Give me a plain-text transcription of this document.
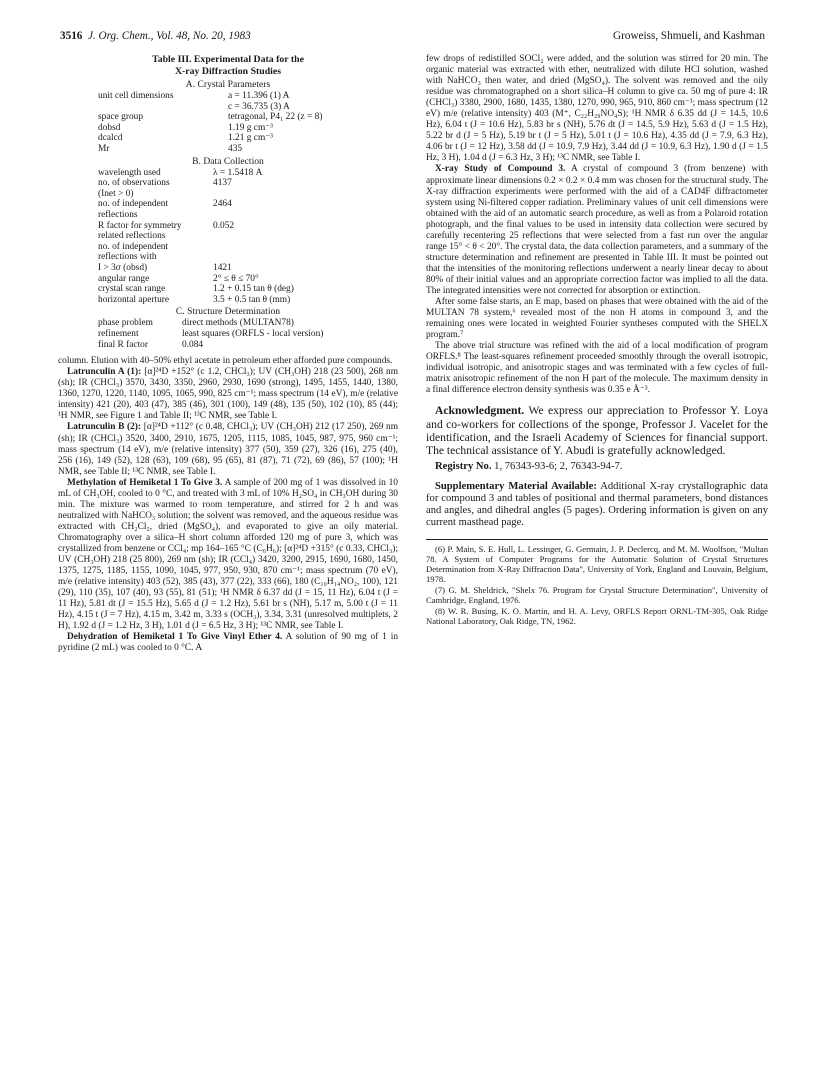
3516 J. Org. Chem., Vol. 48, No. 20, 1983	Groweiss, Shmueli, and Kashman
Table III. Experimental Data for the
X-ray Diffraction Studies
A. Crystal Parameters
unit cell dimensions	a = 11.396 (1) A
	c = 36.735 (3) A
space group	tetragonal, P4₁ 22 (z = 8)
dobsd	1.19 g cm⁻³
dcalcd	1.21 g cm⁻³
Mr	435
B. Data Collection
wavelength used	λ = 1.5418 A
no. of observations	4137
(Inet > 0)	
no. of independent	2464
reflections	
R factor for symmetry	0.052
related reflections	
no. of independent	
reflections with	
I > 3σ (obsd)	1421
angular range	2° ≤ θ ≤ 70°
crystal scan range	1.2 + 0.15 tan θ (deg)
horizontal aperture	3.5 + 0.5 tan θ (mm)
C. Structure Determination
phase problem	direct methods (MULTAN78)
refinement	least squares (ORFLS - local version)
final R factor	0.084

column. Elution with 40–50% ethyl acetate in petroleum ether afforded pure compounds.

Latrunculin A (1): [α]²⁴D +152° (c 1.2, CHCl₃); UV (CH₃OH) 218 (23 500), 268 nm (sh); IR (CHCl₃) 3570, 3430, 3350, 2960, 2930, 1690 (strong), 1495, 1455, 1440, 1380, 1360, 1270, 1220, 1140, 1095, 1065, 990, 825 cm⁻¹; mass spectrum (14 eV), m/e (relative intensity) 421 (20), 403 (47), 385 (46), 301 (100), 149 (48), 135 (50), 102 (10), 85 (44); ¹H NMR, see Figure 1 and Table II; ¹³C NMR, see Table I.

Latrunculin B (2): [α]²⁴D +112° (c 0.48, CHCl₃); UV (CH₃OH) 212 (17 250), 269 nm (sh); IR (CHCl₃) 3520, 3400, 2910, 1675, 1205, 1115, 1085, 1045, 987, 975, 960 cm⁻¹; mass spectrum (14 eV), m/e (relative intensity) 377 (50), 359 (27), 326 (16), 275 (40), 256 (16), 149 (52), 128 (63), 109 (68), 95 (65), 81 (87), 71 (72), 69 (86), 57 (100); ¹H NMR, see Table II; ¹³C NMR, see Table I.

Methylation of Hemiketal 1 To Give 3. A sample of 200 mg of 1 was dissolved in 10 mL of CH₃OH, cooled to 0 °C, and treated with 3 mL of 10% H₂SO₄ in CH₃OH during 30 min. The mixture was warmed to room temperature, and stirred for 2 h and was neutralized with NaHCO₃ solution; the solvent was removed, and the aqueous residue was extracted with CH₂Cl₂, dried (MgSO₄), and evaporated to give an oily material. Chromatography over a silica–H short column afforded 120 mg of pure 3, which was crystallized from benzene or CCl₄; mp 164–165 °C (C₆H₆); [α]²⁴D +315° (c 0.33, CHCl₃); UV (CH₃OH) 218 (25 800), 269 nm (sh); IR (CCl₄) 3420, 3200, 2915, 1690, 1680, 1450, 1375, 1275, 1185, 1155, 1090, 1045, 977, 950, 930, 870 cm⁻¹; mass spectrum (70 eV), m/e (relative intensity) 403 (52), 385 (43), 377 (22), 333 (66), 180 (C₁₀H₁₄NO₂, 100), 121 (29), 110 (35), 107 (40), 93 (55), 81 (51); ¹H NMR δ 6.37 dd (J = 15, 11 Hz), 6.04 t (J = 11 Hz), 5.81 dt (J = 15.5 Hz), 5.65 d (J = 1.2 Hz), 5.61 br s (NH), 5.17 m, 5.00 t (J = 11 Hz), 4.15 t (J = 7 Hz), 4.15 m, 3.42 m, 3.33 s (OCH₃), 3.34, 3.31 (unresolved multiplets, 2 H), 1.92 d (J = 1.2 Hz, 3 H), 1.01 d (J = 6.5 Hz, 3 H); ¹³C NMR, see Table I.

Dehydration of Hemiketal 1 To Give Vinyl Ether 4. A solution of 90 mg of 1 in pyridine (2 mL) was cooled to 0 °C. A

few drops of redistilled SOCl₂ were added, and the solution was stirred for 20 min. The organic material was extracted with ether, neutralized with dilute HCl solution, washed with NaHCO₃ then water, and dried (MgSO₄). The solvent was removed and the oily residue was chromatographed on a short silica–H column to give ca. 50 mg of pure 4: IR (CHCl₃) 3380, 2900, 1680, 1435, 1380, 1270, 990, 965, 910, 860 cm⁻¹; mass spectrum (12 eV) m/e (relative intensity) 403 (M⁺, C₂₂H₂₉NO₄S); ¹H NMR δ 6.35 dd (J = 14.5, 10.6 Hz), 6.04 t (J = 10.6 Hz), 5.83 br s (NH), 5.76 dt (J = 14.5, 5.9 Hz), 5.63 d (J = 1.5 Hz), 5.22 br d (J = 5 Hz), 5.19 br t (J = 5 Hz), 5.01 t (J = 10.6 Hz), 4.35 dd (J = 7.9, 6.3 Hz), 4.06 br t (J = 12 Hz), 3.58 dd (J = 10.9, 7.9 Hz), 3.44 dd (J = 10.9, 6.3 Hz), 1.90 d (J = 1.5 Hz, 3 H), 1.04 d (J = 6.3 Hz, 3 H); ¹³C NMR, see Table I.

X-ray Study of Compound 3. A crystal of compound 3 (from benzene) with approximate linear dimensions 0.2 × 0.2 × 0.4 mm was chosen for the structural study. The X-ray diffraction experiments were performed with the aid of a CAD4F diffractometer system using Ni-filtered copper radiation. Preliminary values of unit cell dimensions were obtained with the aid of an automatic search procedure, as well as from a Polaroid rotation photograph, and the final values to be used in intensity data collection were secured by carefully recentering 25 reflections that were selected from a fast run over the angular range 15° < θ < 20°. The crystal data, the data collection parameters, and a summary of the structure determination and refinement are presented in Table III. It must be pointed out that the intensities of the monitoring reflections underwent a nearly linear decay to about 80% of their initial values and an appropriate correction factor was implied to all the data. The integrated intensities were not corrected for absorption or extinction.

After some false starts, an E map, based on phases that were obtained with the aid of the MULTAN 78 system,⁶ revealed most of the non H atoms in compound 3, and the remaining ones were located in weighted Fourier syntheses computed with the SHELX program.⁷

The above trial structure was refined with the aid of a local modification of program ORFLS.⁸ The least-squares refinement proceeded smoothly through the overall isotropic, individual isotropic, and anisotropic stages and was terminated with a few cycles of full-matrix anisotropic refinement of the non H part of the molecule. The maximum density in a final difference electron density synthesis was 0.35 e Å⁻³.

Acknowledgment. We express our appreciation to Professor Y. Loya and co-workers for collections of the sponge, Professor J. Vacelet for the identification, and the Israeli Academy of Sciences for financial support. The technical assistance of Y. Abudi is gratefully acknowledged.

Registry No. 1, 76343-93-6; 2, 76343-94-7.

Supplementary Material Available: Additional X-ray crystallographic data for compound 3 and tables of positional and thermal parameters, bond distances and angles, and dihedral angles (5 pages). Ordering information is given on any current masthead page.

(6) P. Main, S. E. Hull, L. Lessinger, G. Germain, J. P. Declercq, and M. M. Woolfson, "Multan 78. A System of Computer Programs for the Automatic Solution of Crystal Structures Determination from X-Ray Diffraction Data", University of York, England and Louvain, Belgium, 1978.

(7) G. M. Sheldrick, "Shelx 76. Program for Crystal Structure Determination", University of Cambridge, England, 1976.

(8) W. R. Busing, K. O. Martin, and H. A. Levy, ORFLS Report ORNL-TM-305, Oak Ridge National Laboratory, Oak Ridge, TN, 1962.
